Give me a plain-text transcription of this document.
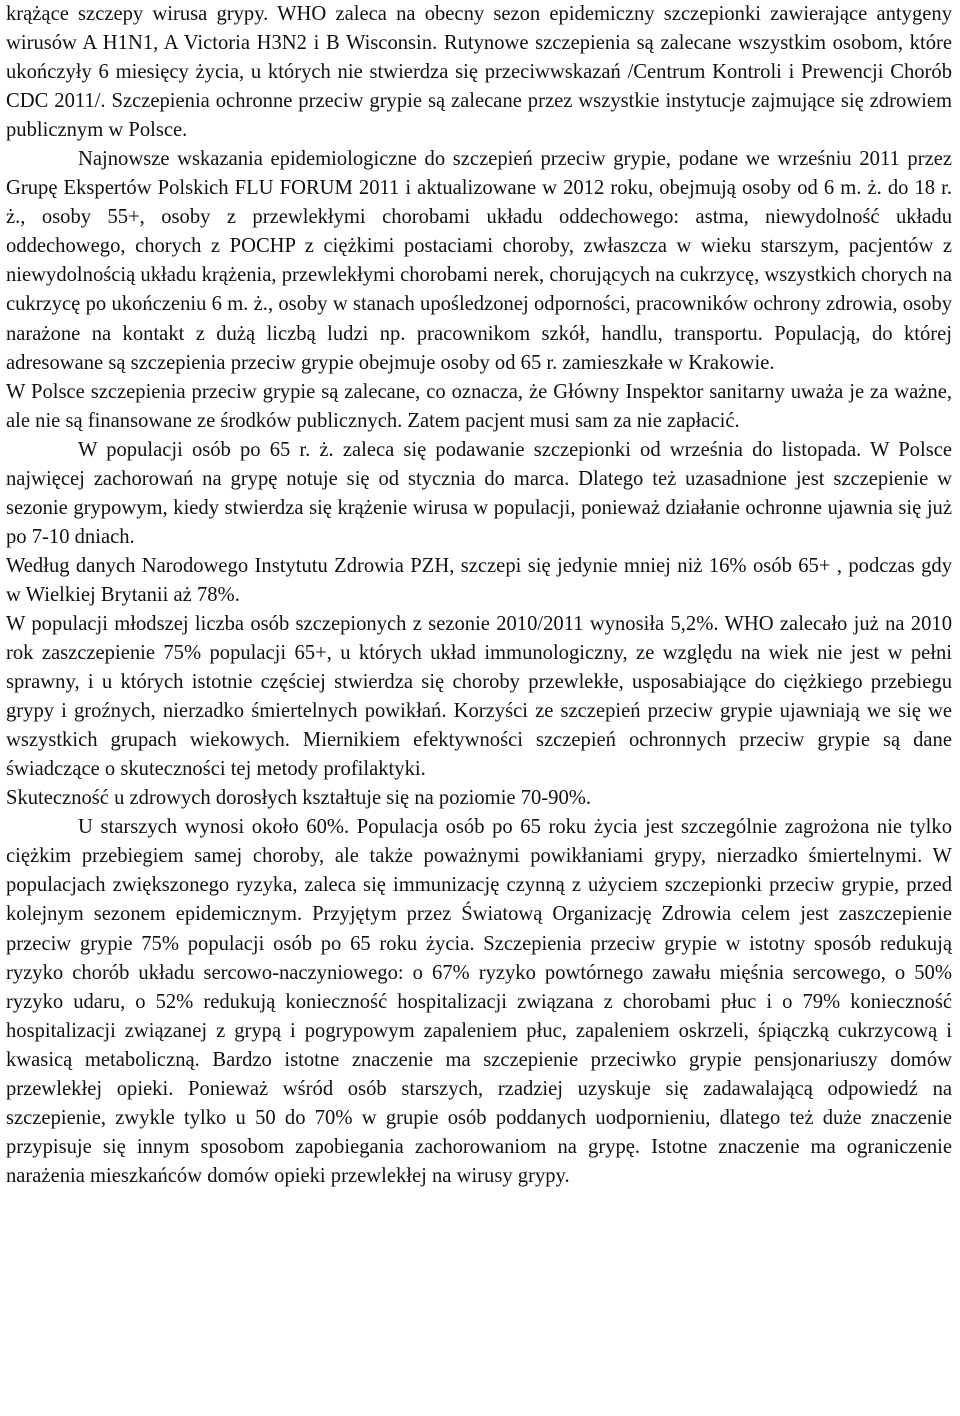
krążące szczepy wirusa grypy. WHO zaleca na obecny sezon epidemiczny szczepionki zawierające antygeny wirusów A H1N1, A Victoria H3N2 i B Wisconsin. Rutynowe szczepienia są zalecane wszystkim osobom, które ukończyły 6 miesięcy życia, u których nie stwierdza się przeciwwskazań /Centrum Kontroli i Prewencji Chorób CDC 2011/. Szczepienia ochronne przeciw grypie są zalecane przez wszystkie instytucje zajmujące się zdrowiem publicznym w Polsce.

Najnowsze wskazania epidemiologiczne do szczepień przeciw grypie, podane we wrześniu 2011 przez Grupę Ekspertów Polskich FLU FORUM 2011 i aktualizowane w 2012 roku, obejmują osoby od 6 m. ż. do 18 r. ż., osoby 55+, osoby z przewlekłymi chorobami układu oddechowego: astma, niewydolność układu oddechowego, chorych z POCHP z ciężkimi postaciami choroby, zwłaszcza w wieku starszym, pacjentów z niewydolnością układu krążenia, przewlekłymi chorobami nerek, chorujących na cukrzycę, wszystkich chorych na cukrzycę po ukończeniu 6 m. ż., osoby w stanach upośledzonej odporności, pracowników ochrony zdrowia, osoby narażone na kontakt z dużą liczbą ludzi np. pracownikom szkół, handlu, transportu. Populacją, do której adresowane są szczepienia przeciw grypie obejmuje osoby od 65 r. zamieszkałe w Krakowie.

W Polsce szczepienia przeciw grypie są zalecane, co oznacza, że Główny Inspektor sanitarny uważa je za ważne, ale nie są finansowane ze środków publicznych. Zatem pacjent musi sam za nie zapłacić.

W populacji osób po 65 r. ż. zaleca się podawanie szczepionki od września do listopada. W Polsce najwięcej zachorowań na grypę notuje się od stycznia do marca. Dlatego też uzasadnione jest szczepienie w sezonie grypowym, kiedy stwierdza się krążenie wirusa w populacji, ponieważ działanie ochronne ujawnia się już po 7-10 dniach.

Według danych Narodowego Instytutu Zdrowia PZH, szczepi się jedynie mniej niż 16% osób 65+ , podczas gdy w Wielkiej Brytanii aż 78%.

W populacji młodszej liczba osób szczepionych z sezonie 2010/2011 wynosiła 5,2%. WHO zalecało już na 2010 rok zaszczepienie 75% populacji 65+, u których układ immunologiczny, ze względu na wiek nie jest w pełni sprawny, i u których istotnie częściej stwierdza się choroby przewlekłe, usposabiające do ciężkiego przebiegu grypy i groźnych, nierzadko śmiertelnych powikłań. Korzyści ze szczepień przeciw grypie ujawniają we się we wszystkich grupach wiekowych. Miernikiem efektywności szczepień ochronnych przeciw grypie są dane świadczące o skuteczności tej metody profilaktyki.

Skuteczność u zdrowych dorosłych kształtuje się na poziomie 70-90%.

U starszych wynosi około 60%. Populacja osób po 65 roku życia jest szczególnie zagrożona nie tylko ciężkim przebiegiem samej choroby, ale także poważnymi powikłaniami grypy, nierzadko śmiertelnymi. W populacjach zwiększonego ryzyka, zaleca się immunizację czynną z użyciem szczepionki przeciw grypie, przed kolejnym sezonem epidemicznym. Przyjętym przez Światową Organizację Zdrowia celem jest zaszczepienie przeciw grypie 75% populacji osób po 65 roku życia. Szczepienia przeciw grypie w istotny sposób redukują ryzyko chorób układu sercowo-naczyniowego: o 67% ryzyko powtórnego zawału mięśnia sercowego, o 50% ryzyko udaru, o 52% redukują konieczność hospitalizacji związana z chorobami płuc i o 79% konieczność hospitalizacji związanej z grypą i pogrypowym zapaleniem płuc, zapaleniem oskrzeli, śpiączką cukrzycową i kwasicą metaboliczną. Bardzo istotne znaczenie ma szczepienie przeciwko grypie pensjonariuszy domów przewlekłej opieki. Ponieważ wśród osób starszych, rzadziej uzyskuje się zadawalającą odpowiedź na szczepienie, zwykle tylko u 50 do 70% w grupie osób poddanych uodpornieniu, dlatego też duże znaczenie przypisuje się innym sposobom zapobiegania zachorowaniom na grypę. Istotne znaczenie ma ograniczenie narażenia mieszkańców domów opieki przewlekłej na wirusy grypy.
